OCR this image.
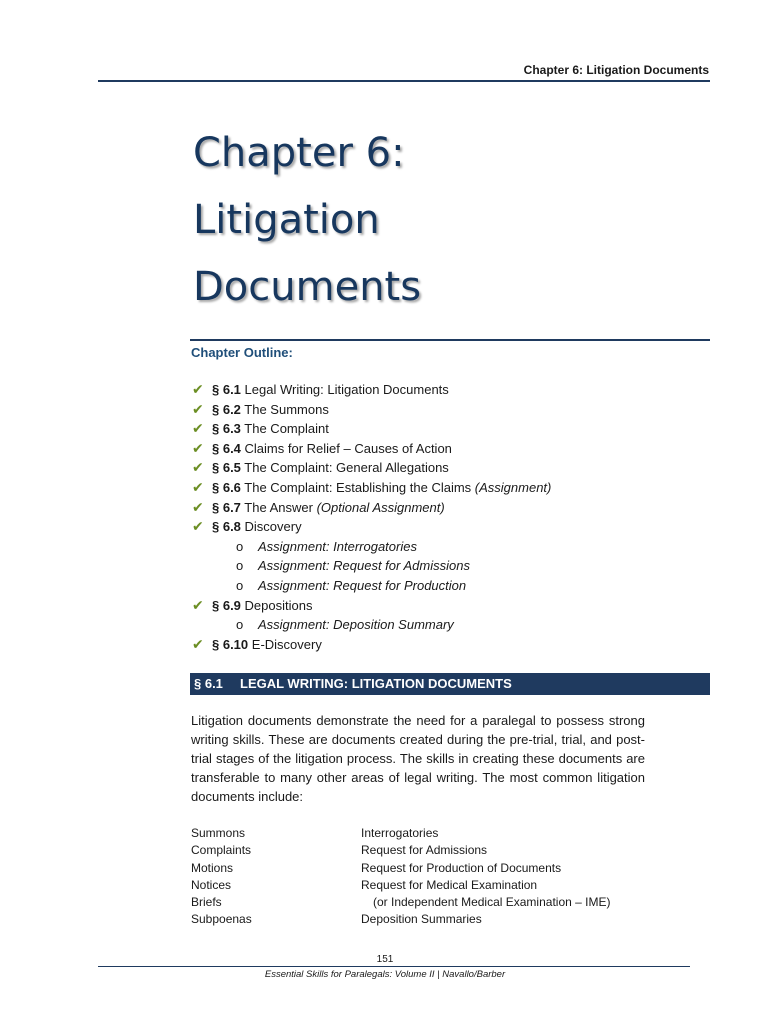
Chapter 6: Litigation Documents
Chapter 6:
Litigation
Documents
Chapter Outline:
✔ § 6.1 Legal Writing: Litigation Documents
✔ § 6.2 The Summons
✔ § 6.3 The Complaint
✔ § 6.4 Claims for Relief – Causes of Action
✔ § 6.5 The Complaint: General Allegations
✔ § 6.6 The Complaint: Establishing the Claims (Assignment)
✔ § 6.7 The Answer (Optional Assignment)
✔ § 6.8 Discovery
o Assignment: Interrogatories
o Assignment: Request for Admissions
o Assignment: Request for Production
✔ § 6.9 Depositions
o Assignment: Deposition Summary
✔ § 6.10 E-Discovery
§ 6.1 LEGAL WRITING: LITIGATION DOCUMENTS
Litigation documents demonstrate the need for a paralegal to possess strong writing skills. These are documents created during the pre-trial, trial, and post-trial stages of the litigation process. The skills in creating these documents are transferable to many other areas of legal writing. The most common litigation documents include:
Summons
Complaints
Motions
Notices
Briefs
Subpoenas
Interrogatories
Request for Admissions
Request for Production of Documents
Request for Medical Examination
(or Independent Medical Examination – IME)
Deposition Summaries
151
Essential Skills for Paralegals: Volume II | Navallo/Barber
